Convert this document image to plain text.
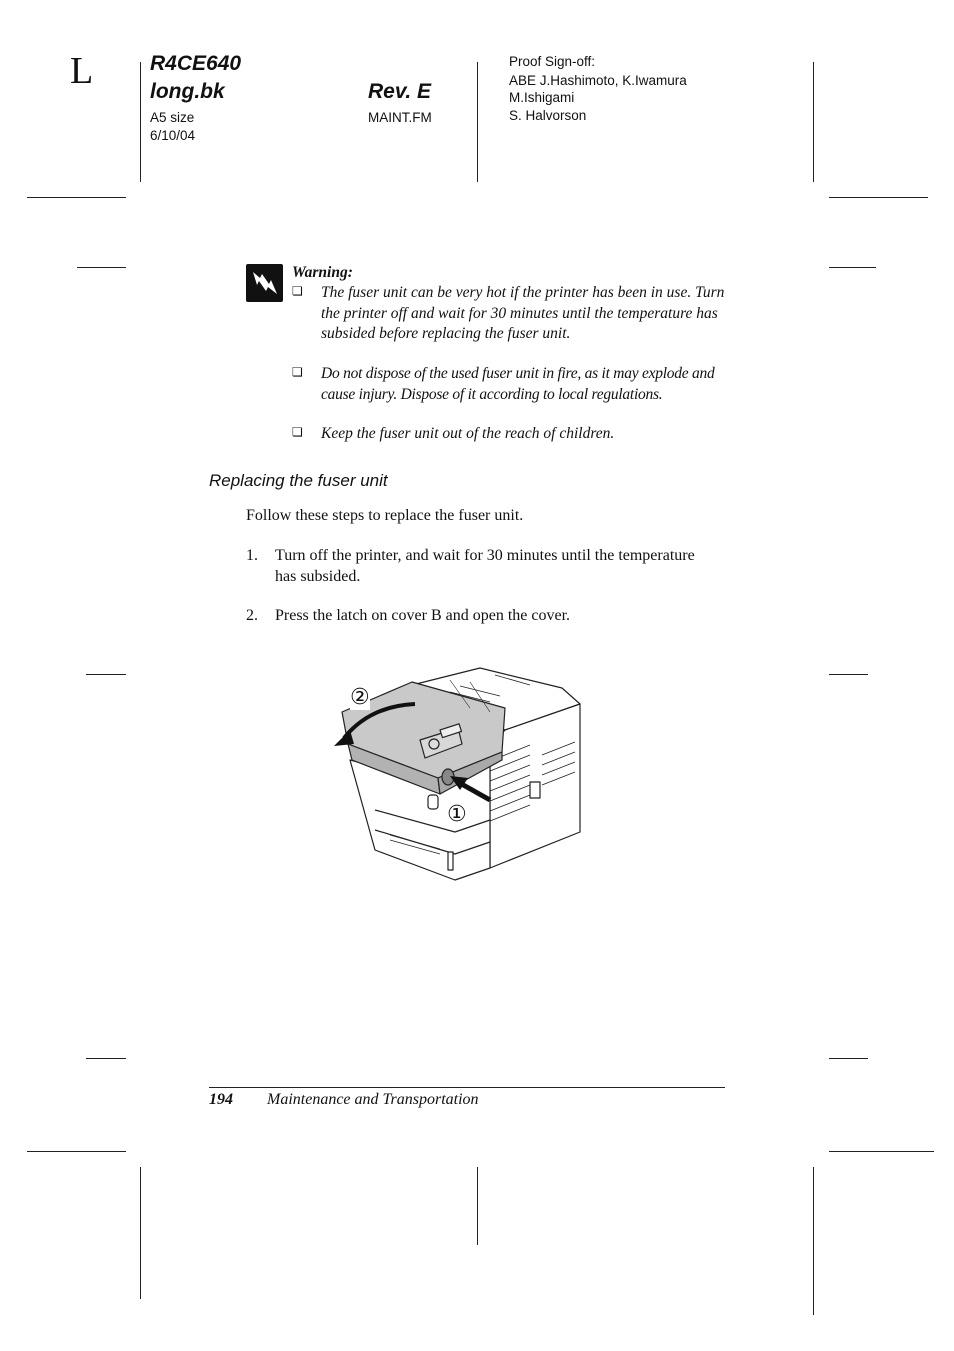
L	R4CE640
long.bk
A5 size
6/10/04
Rev. E
MAINT.FM
Proof Sign-off:
ABE J.Hashimoto, K.Iwamura
M.Ishigami
S. Halvorson
Warning:
❏ The fuser unit can be very hot if the printer has been in use. Turn the printer off and wait for 30 minutes until the temperature has subsided before replacing the fuser unit.
❏ Do not dispose of the used fuser unit in fire, as it may explode and cause injury. Dispose of it according to local regulations.
❏ Keep the fuser unit out of the reach of children.
Replacing the fuser unit
Follow these steps to replace the fuser unit.
1. Turn off the printer, and wait for 30 minutes until the temperature has subsided.
2. Press the latch on cover B and open the cover.
②
①
194 Maintenance and Transportation
